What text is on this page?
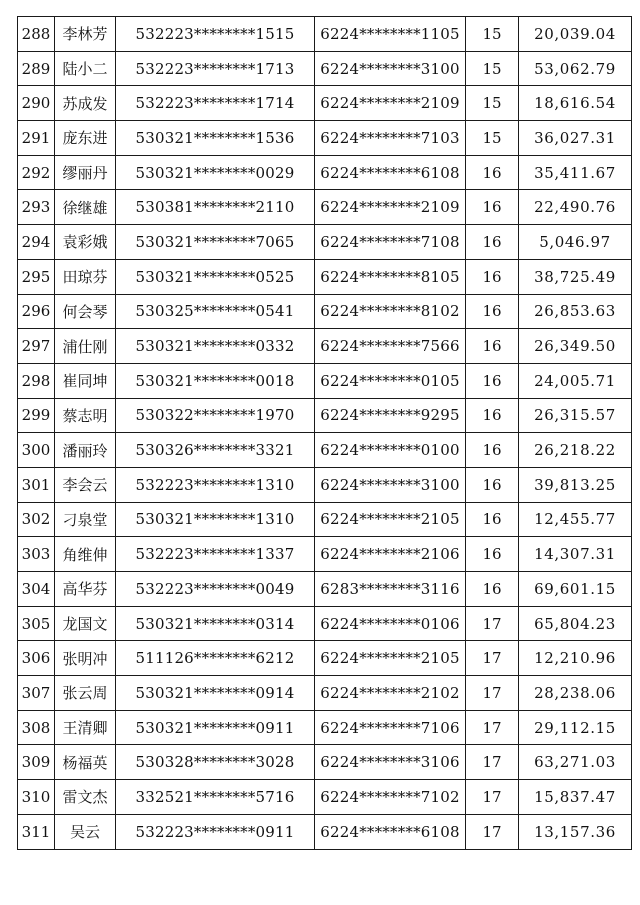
288	李林芳	532223********1515	6224********1105	15	20,039.04
289	陆小二	532223********1713	6224********3100	15	53,062.79
290	苏成发	532223********1714	6224********2109	15	18,616.54
291	庞东进	530321********1536	6224********7103	15	36,027.31
292	缪丽丹	530321********0029	6224********6108	16	35,411.67
293	徐继雄	530381********2110	6224********2109	16	22,490.76
294	袁彩娥	530321********7065	6224********7108	16	5,046.97
295	田琼芬	530321********0525	6224********8105	16	38,725.49
296	何会琴	530325********0541	6224********8102	16	26,853.63
297	浦仕刚	530321********0332	6224********7566	16	26,349.50
298	崔同坤	530321********0018	6224********0105	16	24,005.71
299	蔡志明	530322********1970	6224********9295	16	26,315.57
300	潘丽玲	530326********3321	6224********0100	16	26,218.22
301	李会云	532223********1310	6224********3100	16	39,813.25
302	刁泉堂	530321********1310	6224********2105	16	12,455.77
303	角维伸	532223********1337	6224********2106	16	14,307.31
304	高华芬	532223********0049	6283********3116	16	69,601.15
305	龙国文	530321********0314	6224********0106	17	65,804.23
306	张明冲	511126********6212	6224********2105	17	12,210.96
307	张云周	530321********0914	6224********2102	17	28,238.06
308	王清卿	530321********0911	6224********7106	17	29,112.15
309	杨福英	530328********3028	6224********3106	17	63,271.03
310	雷文杰	332521********5716	6224********7102	17	15,837.47
311	吴云	532223********0911	6224********6108	17	13,157.36
